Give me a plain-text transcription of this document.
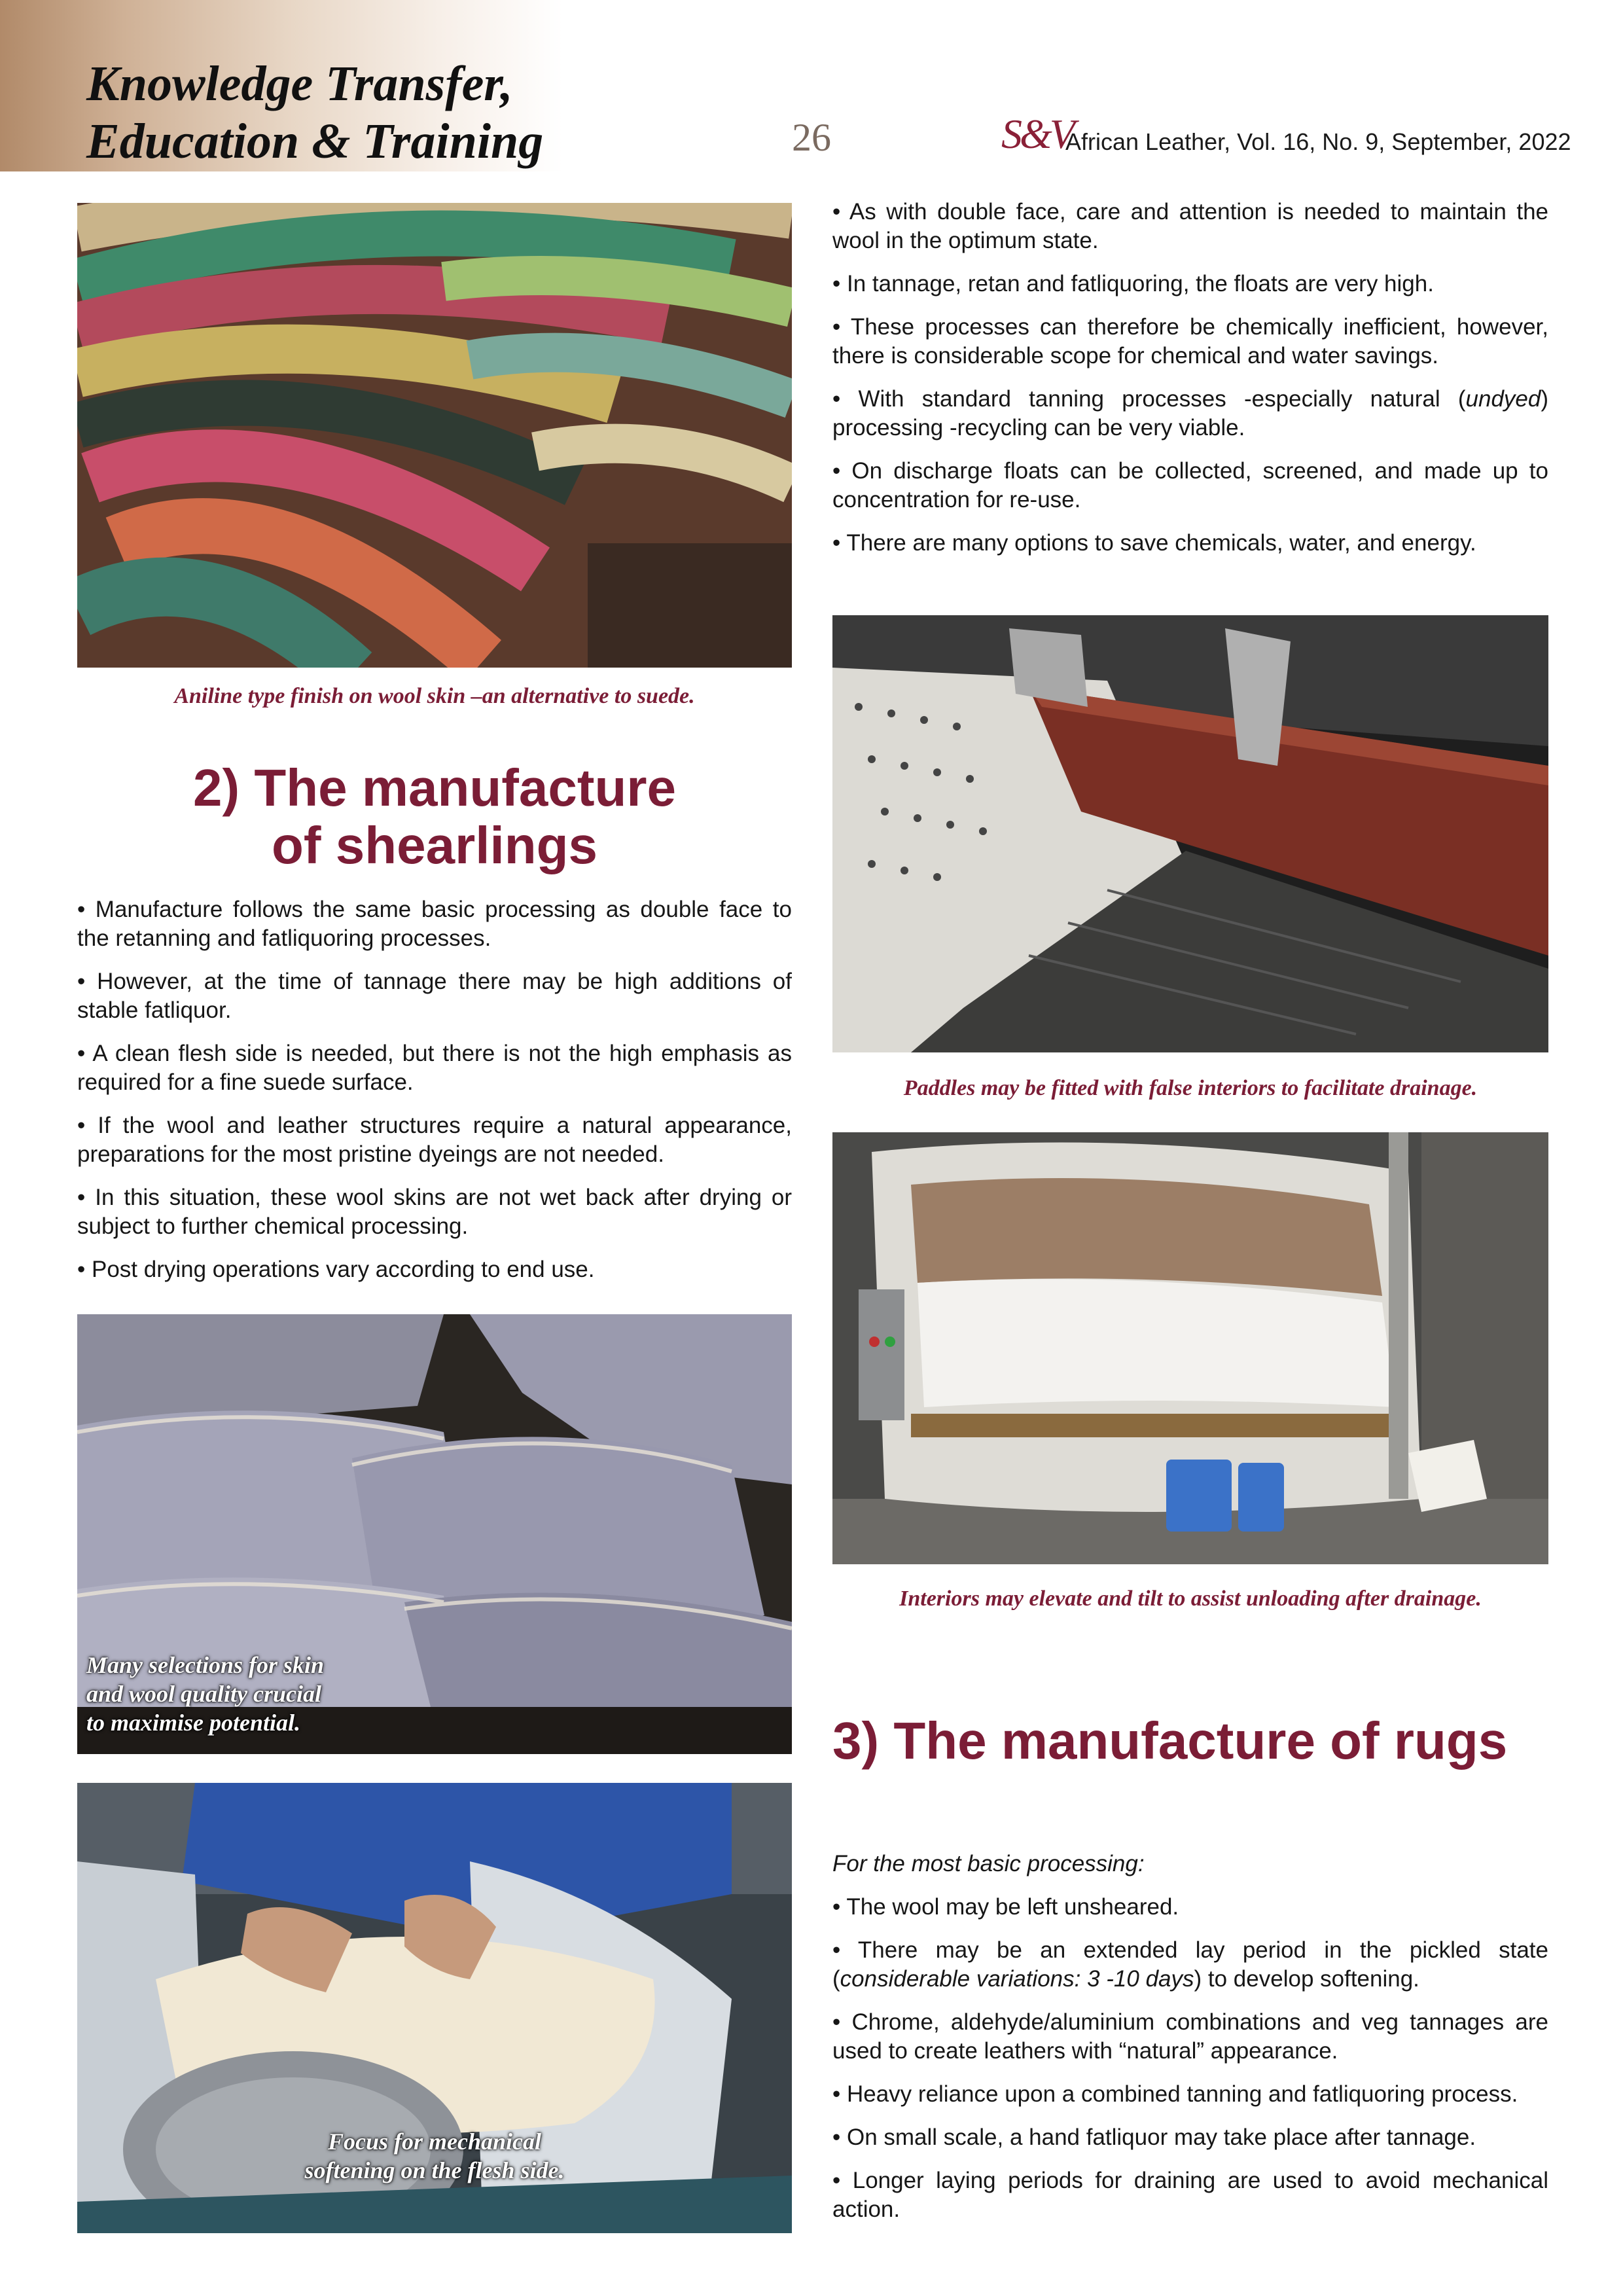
Knowledge Transfer,
Education & Training	26	S&V
African Leather, Vol. 16, No. 9, September, 2022
Aniline type finish on wool skin –an alternative to suede.
2) The manufacture
of shearlings

• Manufacture follows the same basic processing as double face to the retanning and fatliquoring processes.

• However, at the time of tannage there may be high additions of stable fatliquor.

• A clean flesh side is needed, but there is not the high emphasis as required for a fine suede surface.

• If the wool and leather structures require a natural appearance, preparations for the most pristine dyeings are not needed.

• In this situation, these wool skins are not wet back after drying or subject to further chemical processing.

• Post drying operations vary according to end use.

Many selections for skin
and wool quality crucial
to maximise potential.
Focus for mechanical
softening on the flesh side.

• As with double face, care and attention is needed to maintain the wool in the optimum state.

• In tannage, retan and fatliquoring, the floats are very high.

• These processes can therefore be chemically inefficient, however, there is considerable scope for chemical and water savings.

• With standard tanning processes -especially natural (undyed) processing -recycling can be very viable.

• On discharge floats can be collected, screened, and made up to concentration for re-use.

• There are many options to save chemicals, water, and energy.

Paddles may be fitted with false interiors to facilitate drainage.
Interiors may elevate and tilt to assist unloading after drainage.
3) The manufacture of rugs

For the most basic processing:

• The wool may be left unsheared.

• There may be an extended lay period in the pickled state (considerable variations: 3 -10 days) to develop softening.

• Chrome, aldehyde/aluminium combinations and veg tannages are used to create leathers with “natural” appearance.

• Heavy reliance upon a combined tanning and fatliquoring process.

• On small scale, a hand fatliquor may take place after tannage.

• Longer laying periods for draining are used to avoid mechanical action.
